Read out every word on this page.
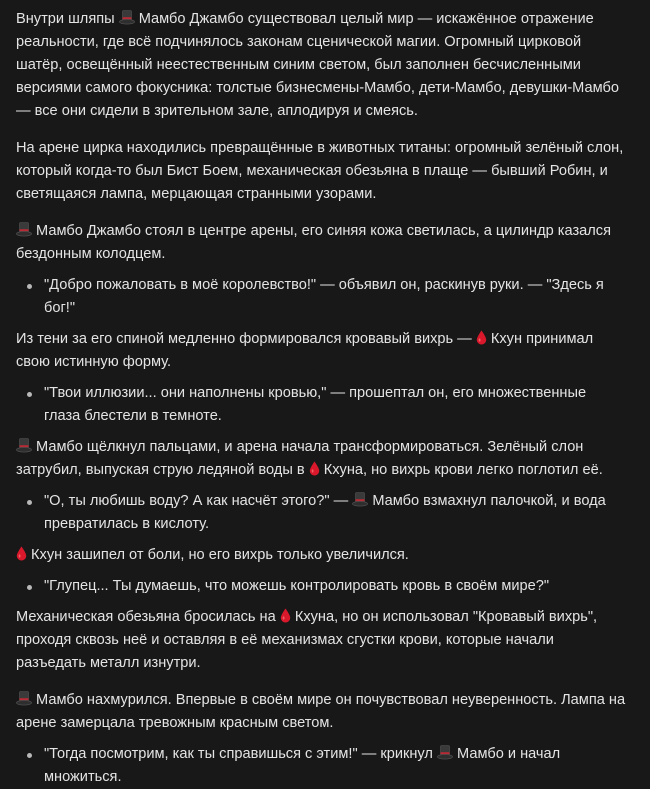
Внутри шляпы  Мамбо Джамбо существовал целый мир — искажённое отражение реальности, где всё подчинялось законам сценической магии. Огромный цирковой шатёр, освещённый неестественным синим светом, был заполнен бесчисленными версиями самого фокусника: толстые бизнесмены-Мамбо, дети-Мамбо, девушки-Мамбо — все они сидели в зрительном зале, аплодируя и смеясь.

На арене цирка находились превращённые в животных титаны: огромный зелёный слон, который когда-то был Бист Боем, механическая обезьяна в плаще — бывший Робин, и светящаяся лампа, мерцающая странными узорами.

Мамбо Джамбо стоял в центре арены, его синяя кожа светилась, а цилиндр казался бездонным колодцем.

"Добро пожаловать в моё королевство!" — объявил он, раскинув руки. — "Здесь я бог!"

Из тени за его спиной медленно формировался кровавый вихрь —  Кхун принимал свою истинную форму.

"Твои иллюзии... они наполнены кровью," — прошептал он, его множественные глаза блестели в темноте.

Мамбо щёлкнул пальцами, и арена начала трансформироваться. Зелёный слон затрубил, выпуская струю ледяной воды в  Кхуна, но вихрь крови легко поглотил её.

"О, ты любишь воду? А как насчёт этого?" —  Мамбо взмахнул палочкой, и вода превратилась в кислоту.

Кхун зашипел от боли, но его вихрь только увеличился.

"Глупец... Ты думаешь, что можешь контролировать кровь в своём мире?"

Механическая обезьяна бросилась на  Кхуна, но он использовал "Кровавый вихрь", проходя сквозь неё и оставляя в её механизмах сгустки крови, которые начали разъедать металл изнутри.

Мамбо нахмурился. Впервые в своём мире он почувствовал неуверенность. Лампа на арене замерцала тревожным красным светом.

"Тогда посмотрим, как ты справишься с этим!" — крикнул  Мамбо и начал множиться.
